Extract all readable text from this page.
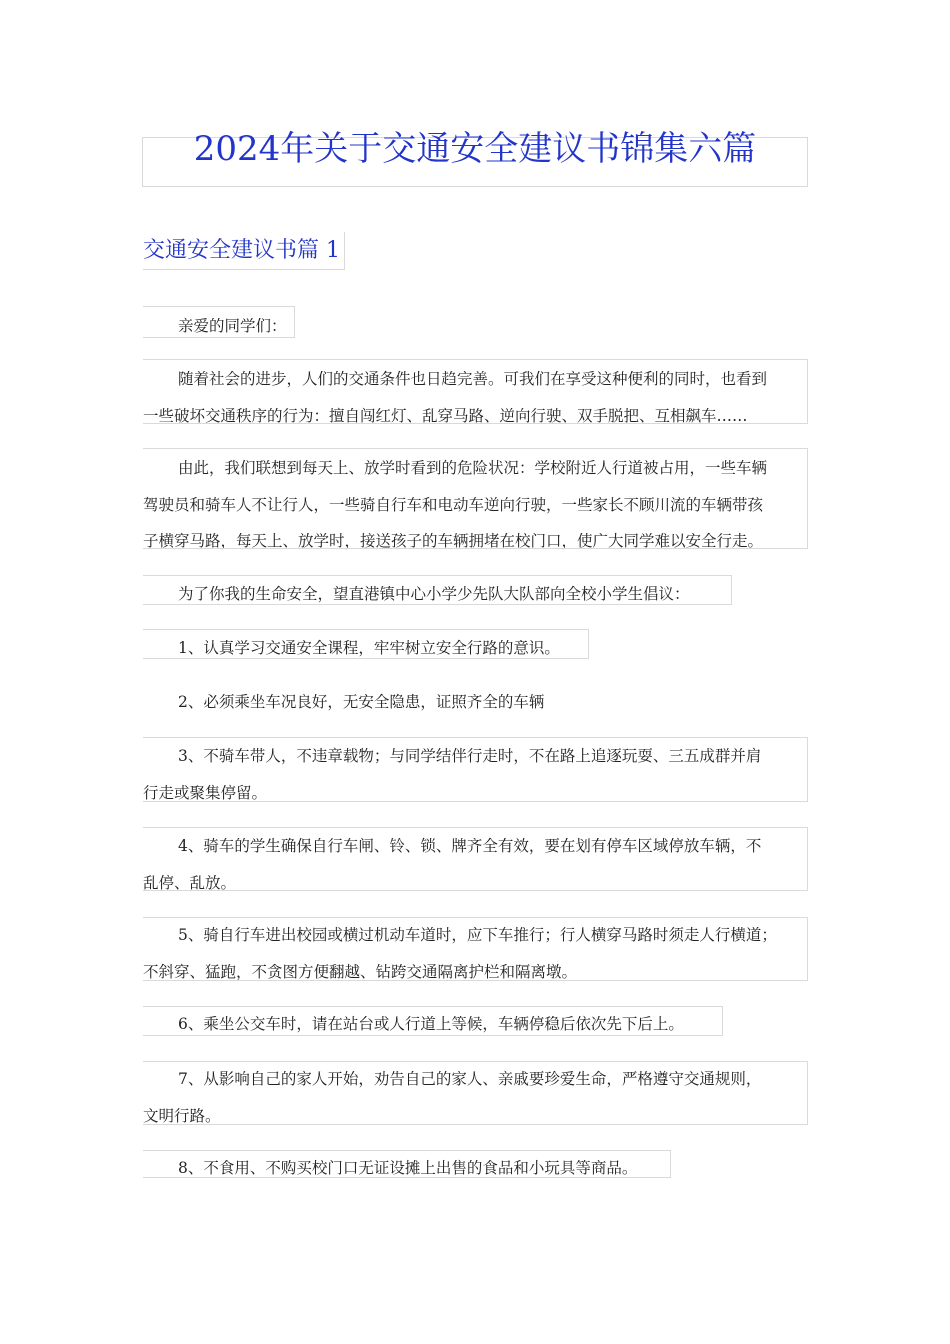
2024年关于交通安全建议书锦集六篇
交通安全建议书篇 1
亲爱的同学们：
随着社会的进步，人们的交通条件也日趋完善。可我们在享受这种便利的同时，也看到
一些破坏交通秩序的行为：擅自闯红灯、乱穿马路、逆向行驶、双手脱把、互相飙车……
由此，我们联想到每天上、放学时看到的危险状况：学校附近人行道被占用，一些车辆
驾驶员和骑车人不让行人，一些骑自行车和电动车逆向行驶，一些家长不顾川流的车辆带孩
子横穿马路，每天上、放学时，接送孩子的车辆拥堵在校门口，使广大同学难以安全行走。
为了你我的生命安全，望直港镇中心小学少先队大队部向全校小学生倡议：
1、认真学习交通安全课程，牢牢树立安全行路的意识。
2、必须乘坐车况良好，无安全隐患，证照齐全的车辆
3、不骑车带人，不违章载物；与同学结伴行走时，不在路上追逐玩耍、三五成群并肩
行走或聚集停留。
4、骑车的学生确保自行车闸、铃、锁、牌齐全有效，要在划有停车区域停放车辆，不
乱停、乱放。
5、骑自行车进出校园或横过机动车道时，应下车推行；行人横穿马路时须走人行横道；
不斜穿、猛跑，不贪图方便翻越、钻跨交通隔离护栏和隔离墩。
6、乘坐公交车时，请在站台或人行道上等候，车辆停稳后依次先下后上。
7、从影响自己的家人开始，劝告自己的家人、亲戚要珍爱生命，严格遵守交通规则，
文明行路。
8、不食用、不购买校门口无证设摊上出售的食品和小玩具等商品。
